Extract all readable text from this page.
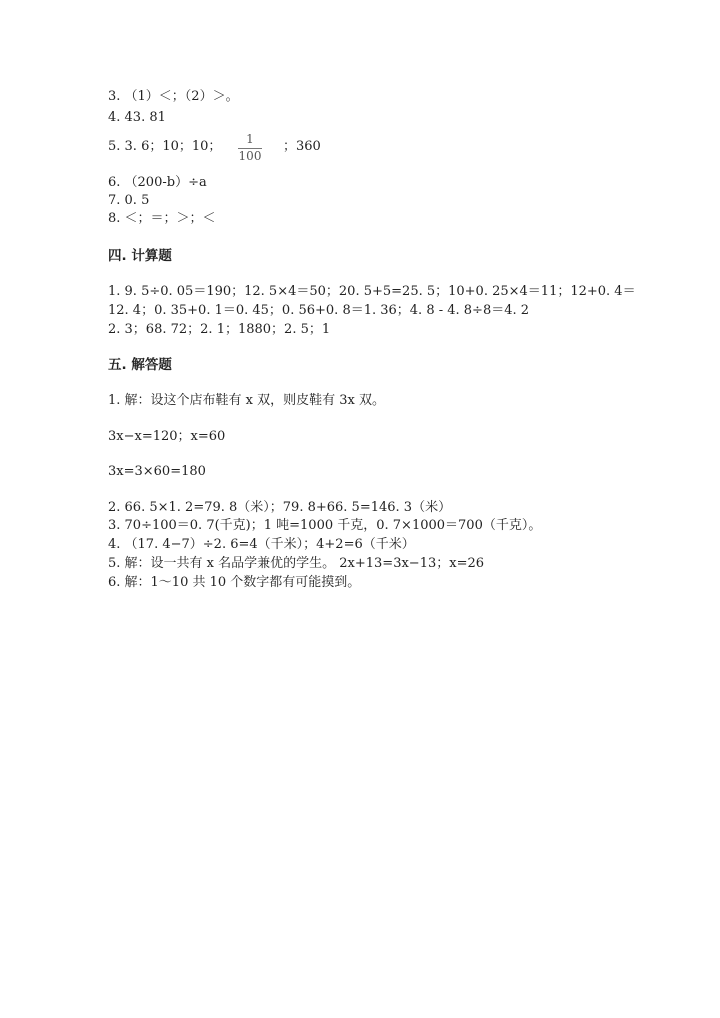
3. （1）＜；（2）＞。
4. 43. 81
5. 3. 6；10；10；	1
100
；360
6. （200-b）÷a
7. 0. 5
8. ＜；＝；＞；＜
四. 计算题
1. 9. 5÷0. 05＝190；12. 5×4＝50；20. 5+5=25. 5；10+0. 25×4＝11；12+0. 4＝
12. 4；0. 35+0. 1＝0. 45；0. 56+0. 8＝1. 36；4. 8 - 4. 8÷8＝4. 2
2. 3；68. 72；2. 1；1880；2. 5；1
五. 解答题
1. 解：设这个店布鞋有 x 双，则皮鞋有 3x 双。
3x−x=120；x=60
3x=3×60=180
2. 66. 5×1. 2=79. 8（米）；79. 8+66. 5=146. 3（米）
3. 70÷100＝0. 7(千克)；1 吨=1000 千克，0. 7×1000＝700（千克）。
4. （17. 4−7）÷2. 6=4（千米）；4+2=6（千米）
5. 解：设一共有 x 名品学兼优的学生。 2x+13=3x−13；x=26
6. 解：1～10 共 10 个数字都有可能摸到。
